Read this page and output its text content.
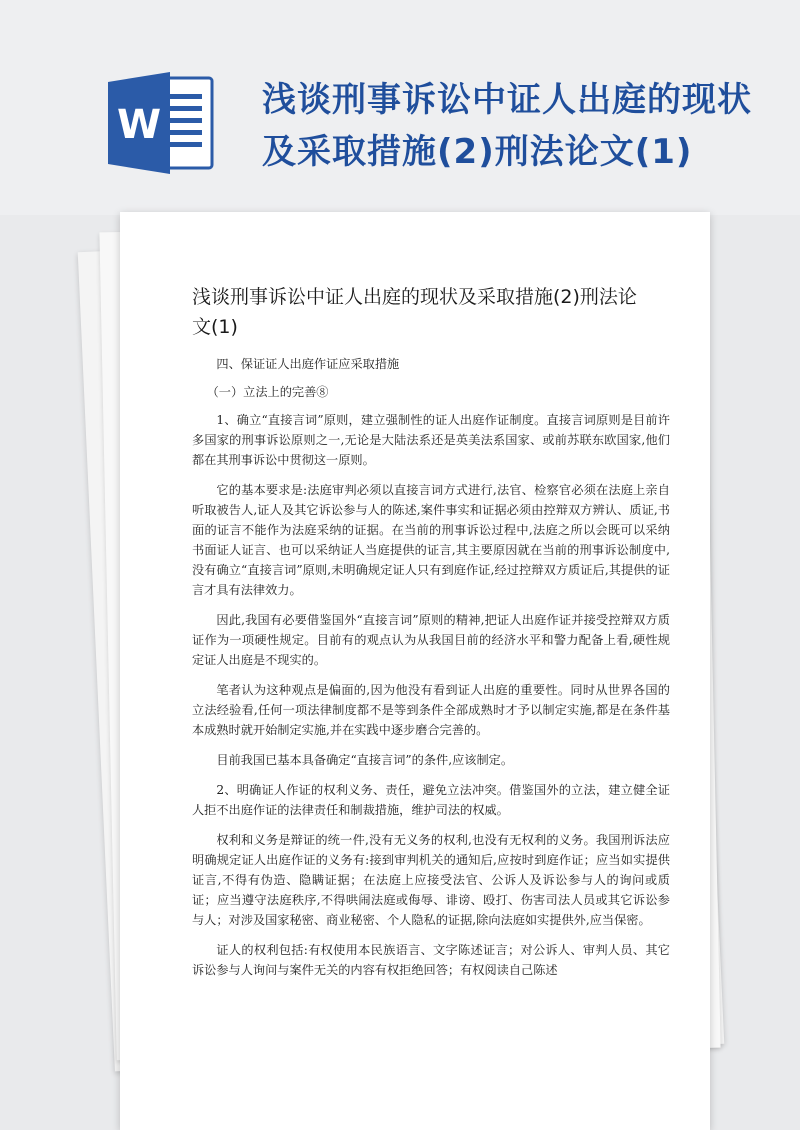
W
浅谈刑事诉讼中证人出庭的现状及采取措施(2)刑法论文(1)
浅谈刑事诉讼中证人出庭的现状及采取措施(2)刑法论文(1)

四、保证证人出庭作证应采取措施

（一）立法上的完善⑧

1、确立“直接言词”原则，建立强制性的证人出庭作证制度。直接言词原则是目前许多国家的刑事诉讼原则之一,无论是大陆法系还是英美法系国家、或前苏联东欧国家,他们都在其刑事诉讼中贯彻这一原则。

它的基本要求是:法庭审判必须以直接言词方式进行,法官、检察官必须在法庭上亲自听取被告人,证人及其它诉讼参与人的陈述,案件事实和证据必须由控辩双方辨认、质证,书面的证言不能作为法庭采纳的证据。在当前的刑事诉讼过程中,法庭之所以会既可以采纳书面证人证言、也可以采纳证人当庭提供的证言,其主要原因就在当前的刑事诉讼制度中,没有确立“直接言词”原则,未明确规定证人只有到庭作证,经过控辩双方质证后,其提供的证言才具有法律效力。

因此,我国有必要借鉴国外“直接言词”原则的精神,把证人出庭作证并接受控辩双方质证作为一项硬性规定。目前有的观点认为从我国目前的经济水平和警力配备上看,硬性规定证人出庭是不现实的。

笔者认为这种观点是偏面的,因为他没有看到证人出庭的重要性。同时从世界各国的立法经验看,任何一项法律制度都不是等到条件全部成熟时才予以制定实施,都是在条件基本成熟时就开始制定实施,并在实践中逐步磨合完善的。

目前我国已基本具备确定“直接言词”的条件,应该制定。

2、明确证人作证的权利义务、责任，避免立法冲突。借鉴国外的立法，建立健全证人拒不出庭作证的法律责任和制裁措施，维护司法的权威。

权利和义务是辩证的统一件,没有无义务的权利,也没有无权利的义务。我国刑诉法应明确规定证人出庭作证的义务有:接到审判机关的通知后,应按时到庭作证；应当如实提供证言,不得有伪造、隐瞒证据；在法庭上应接受法官、公诉人及诉讼参与人的询问或质证；应当遵守法庭秩序,不得哄闹法庭或侮辱、诽谤、殴打、伤害司法人员或其它诉讼参与人；对涉及国家秘密、商业秘密、个人隐私的证据,除向法庭如实提供外,应当保密。

证人的权利包括:有权使用本民族语言、文字陈述证言；对公诉人、审判人员、其它诉讼参与人询问与案件无关的内容有权拒绝回答；有权阅读自己陈述
